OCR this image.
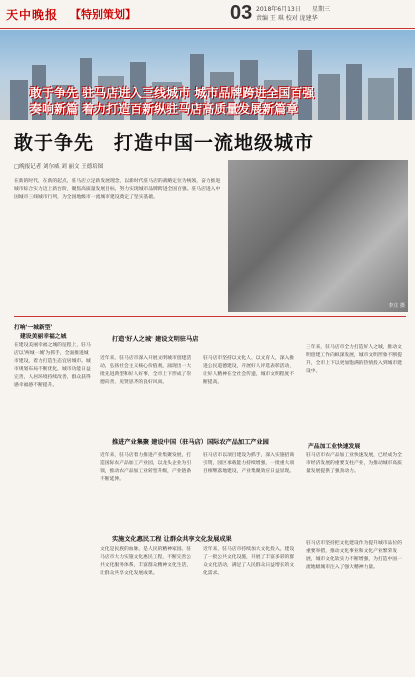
天中晚报 【特别策划】	03 2018年6月13日 星期三
责编 王 琪 校对 庞建华
敢于争先 驻马店进入三线城市 城市品牌跨进全国百强
奏响新篇 着力打造百新纵驻马店高质量发展新篇章
敢于争先　打造中国一流地级城市
□晚报记者 刘尔威 刘 丽文 王德培图
在新的时代，在新的起点，驻马店立足新发展理念，以新时代驻马店的战略定位为统领，奋力推进城市综合实力迈上新台阶，聚焦高质量发展目标，努力实现城市品牌跨进全国百强。驻马店进入中国城市三线城市行列，为全国地级市一流城市建设奠定了坚实基础。
李庄 摄
打响'一城新型'
建设美丽幸福之城
在建设美丽幸福之城的征程上，驻马店以'两城一城'为抓手，全面推进城市建设，着力打造生态宜居城市。城市规划布局不断优化，城市功能日益完善，人居环境持续改善，群众获得感幸福感不断提升。
打造'好人之城' 建设文明驻马店
近年来，驻马店市深入开展文明城市创建活动，弘扬社会主义核心价值观，涌现出一大批先进典型和好人好事，全市上下形成了崇德向善、见贤思齐的良好风尚。
驻马店市坚持以文化人、以文育人，深入推进公民道德建设，开展好人评选表彰活动，让好人精神在全社会传递，城市文明程度不断提高。
三年来，驻马店市全力打造好人之城，推动文明创建工作向纵深发展，城市文明形象不断提升，全市上下以更加饱满的热情投入到城市建设中。
推进产业集聚 建设中国（驻马店）国际农产品加工产业园
近年来，驻马店着力推进产业集聚发展，打造国际农产品加工产业园，以龙头企业为引领，推动农产品加工业转型升级，产业链条不断延伸。
驻马店市以项目建设为抓手，深入实施招商引资，园区承载能力持续增强，一批重大项目相继落地建设，产业集聚效应日益显现。
产品加工业快速发展
驻马店市农产品加工业快速发展，已经成为全市经济发展的重要支柱产业，为推动城市高质量发展提供了强劲动力。
实施文化惠民工程 让群众共享文化发展成果
文化是民族的血脉，是人民的精神家园。驻马店市大力实施文化惠民工程，不断完善公共文化服务体系，丰富群众精神文化生活，让群众共享文化发展成果。
近年来，驻马店市持续加大文化投入，建设了一批公共文化设施，开展了丰富多彩的群众文化活动，满足了人民群众日益增长的文化需求。
驻马店市坚持把文化建设作为提升城市品位的重要举措，推动文化事业和文化产业繁荣发展，城市文化软实力不断增强，为打造中国一流地级城市注入了强大精神力量。
